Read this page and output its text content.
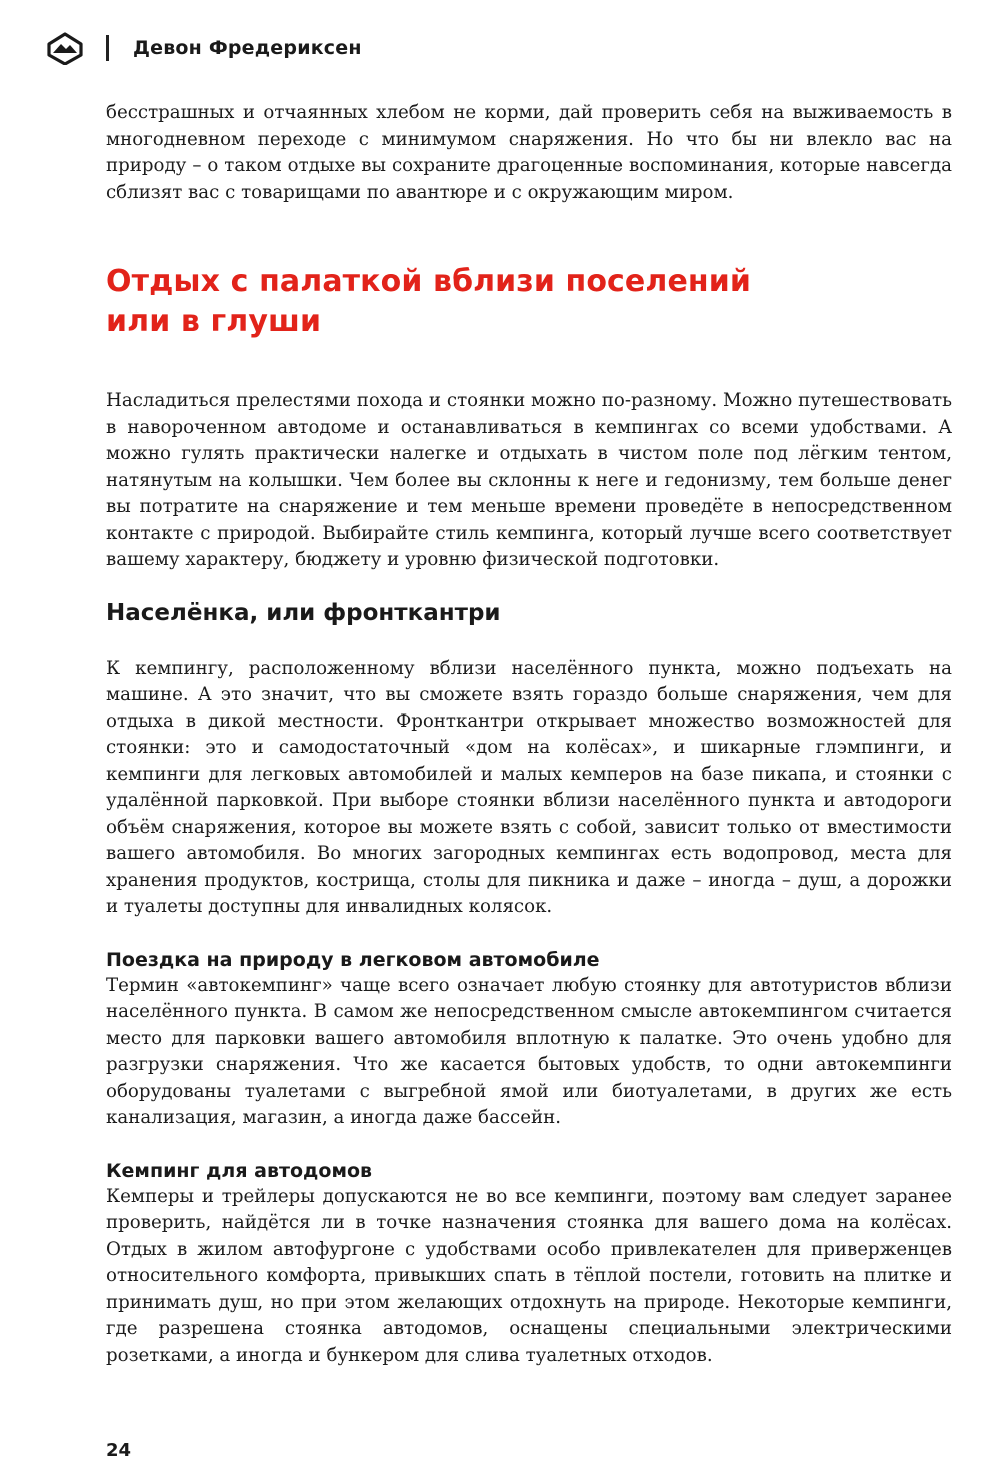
Девон Фредериксен

бесстрашных и отчаянных хлебом не корми, дай проверить себя на выживаемость в многодневном переходе с минимумом снаряжения. Но что бы ни влекло вас на природу – о таком отдыхе вы сохраните драгоценные воспоминания, которые навсегда сблизят вас с товарищами по авантюре и с окружающим миром.

Отдых с палаткой вблизи поселений
или в глуши

Насладиться прелестями похода и стоянки можно по-разному. Можно путешествовать в навороченном автодоме и останавливаться в кемпингах со всеми удобствами. А можно гулять практически налегке и отдыхать в чистом поле под лёгким тентом, натянутым на колышки. Чем более вы склонны к неге и гедонизму, тем больше денег вы потратите на снаряжение и тем меньше времени проведёте в непосредственном контакте с природой. Выбирайте стиль кемпинга, который лучше всего соответствует вашему характеру, бюджету и уровню физической подготовки.

Населёнка, или фронткантри

К кемпингу, расположенному вблизи населённого пункта, можно подъехать на машине. А это значит, что вы сможете взять гораздо больше снаряжения, чем для отдыха в дикой местности. Фронткантри открывает множество возможностей для стоянки: это и самодостаточный «дом на колёсах», и шикарные глэмпинги, и кемпинги для легковых автомобилей и малых кемперов на базе пикапа, и стоянки с удалённой парковкой. При выборе стоянки вблизи населённого пункта и автодороги объём снаряжения, которое вы можете взять с собой, зависит только от вместимости вашего автомобиля. Во многих загородных кемпингах есть водопровод, места для хранения продуктов, кострища, столы для пикника и даже – иногда – душ, а дорожки и туалеты доступны для инвалидных колясок.

Поездка на природу в легковом автомобиле

Термин «автокемпинг» чаще всего означает любую стоянку для автотуристов вблизи населённого пункта. В самом же непосредственном смысле автокемпингом считается место для парковки вашего автомобиля вплотную к палатке. Это очень удобно для разгрузки снаряжения. Что же касается бытовых удобств, то одни автокемпинги оборудованы туалетами с выгребной ямой или биотуалетами, в других же есть канализация, магазин, а иногда даже бассейн.

Кемпинг для автодомов

Кемперы и трейлеры допускаются не во все кемпинги, поэтому вам следует заранее проверить, найдётся ли в точке назначения стоянка для вашего дома на колёсах. Отдых в жилом автофургоне с удобствами особо привлекателен для приверженцев относительного комфорта, привыкших спать в тёплой постели, готовить на плитке и принимать душ, но при этом желающих отдохнуть на природе. Некоторые кемпинги, где разрешена стоянка автодомов, оснащены специальными электрическими розетками, а иногда и бункером для слива туалетных отходов.

24
